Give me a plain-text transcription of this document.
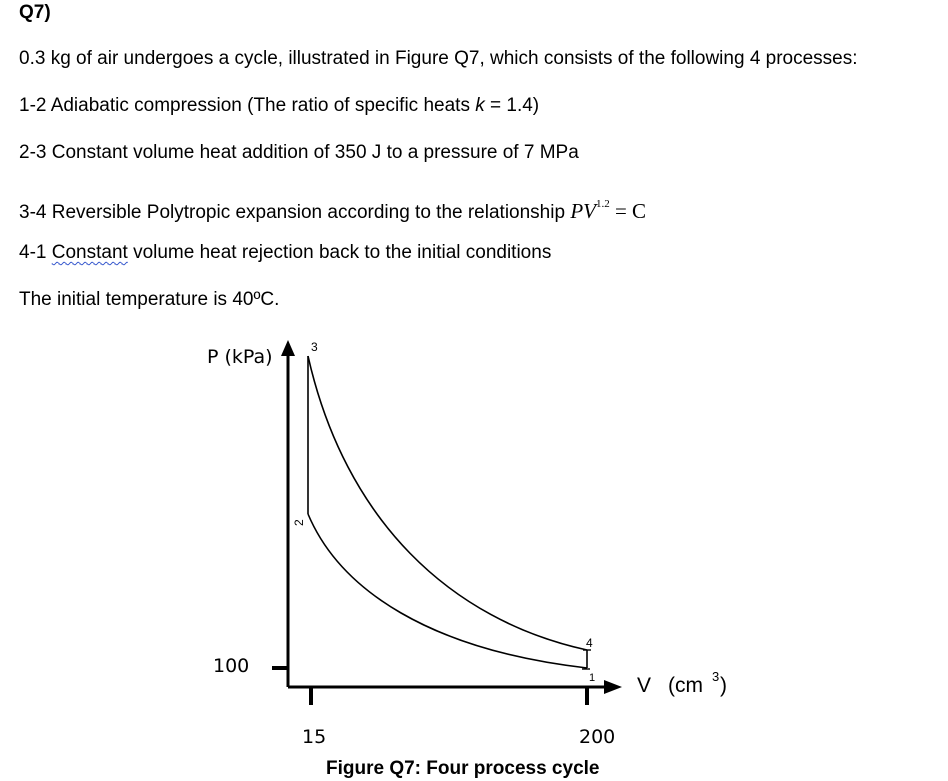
Q7)
0.3 kg of air undergoes a cycle, illustrated in Figure Q7, which consists of the following 4 processes:
1-2 Adiabatic compression (The ratio of specific heats k = 1.4)
2-3 Constant volume heat addition of 350 J to a pressure of 7 MPa
3-4 Reversible Polytropic expansion according to the relationship $PV^{1.2} = C$
4-1 Constant volume heat rejection back to the initial conditions
The initial temperature is 40ºC.
3
2
4
1
P (kPa)
100
15	200
V (cm 3 )
Figure Q7: Four process cycle
